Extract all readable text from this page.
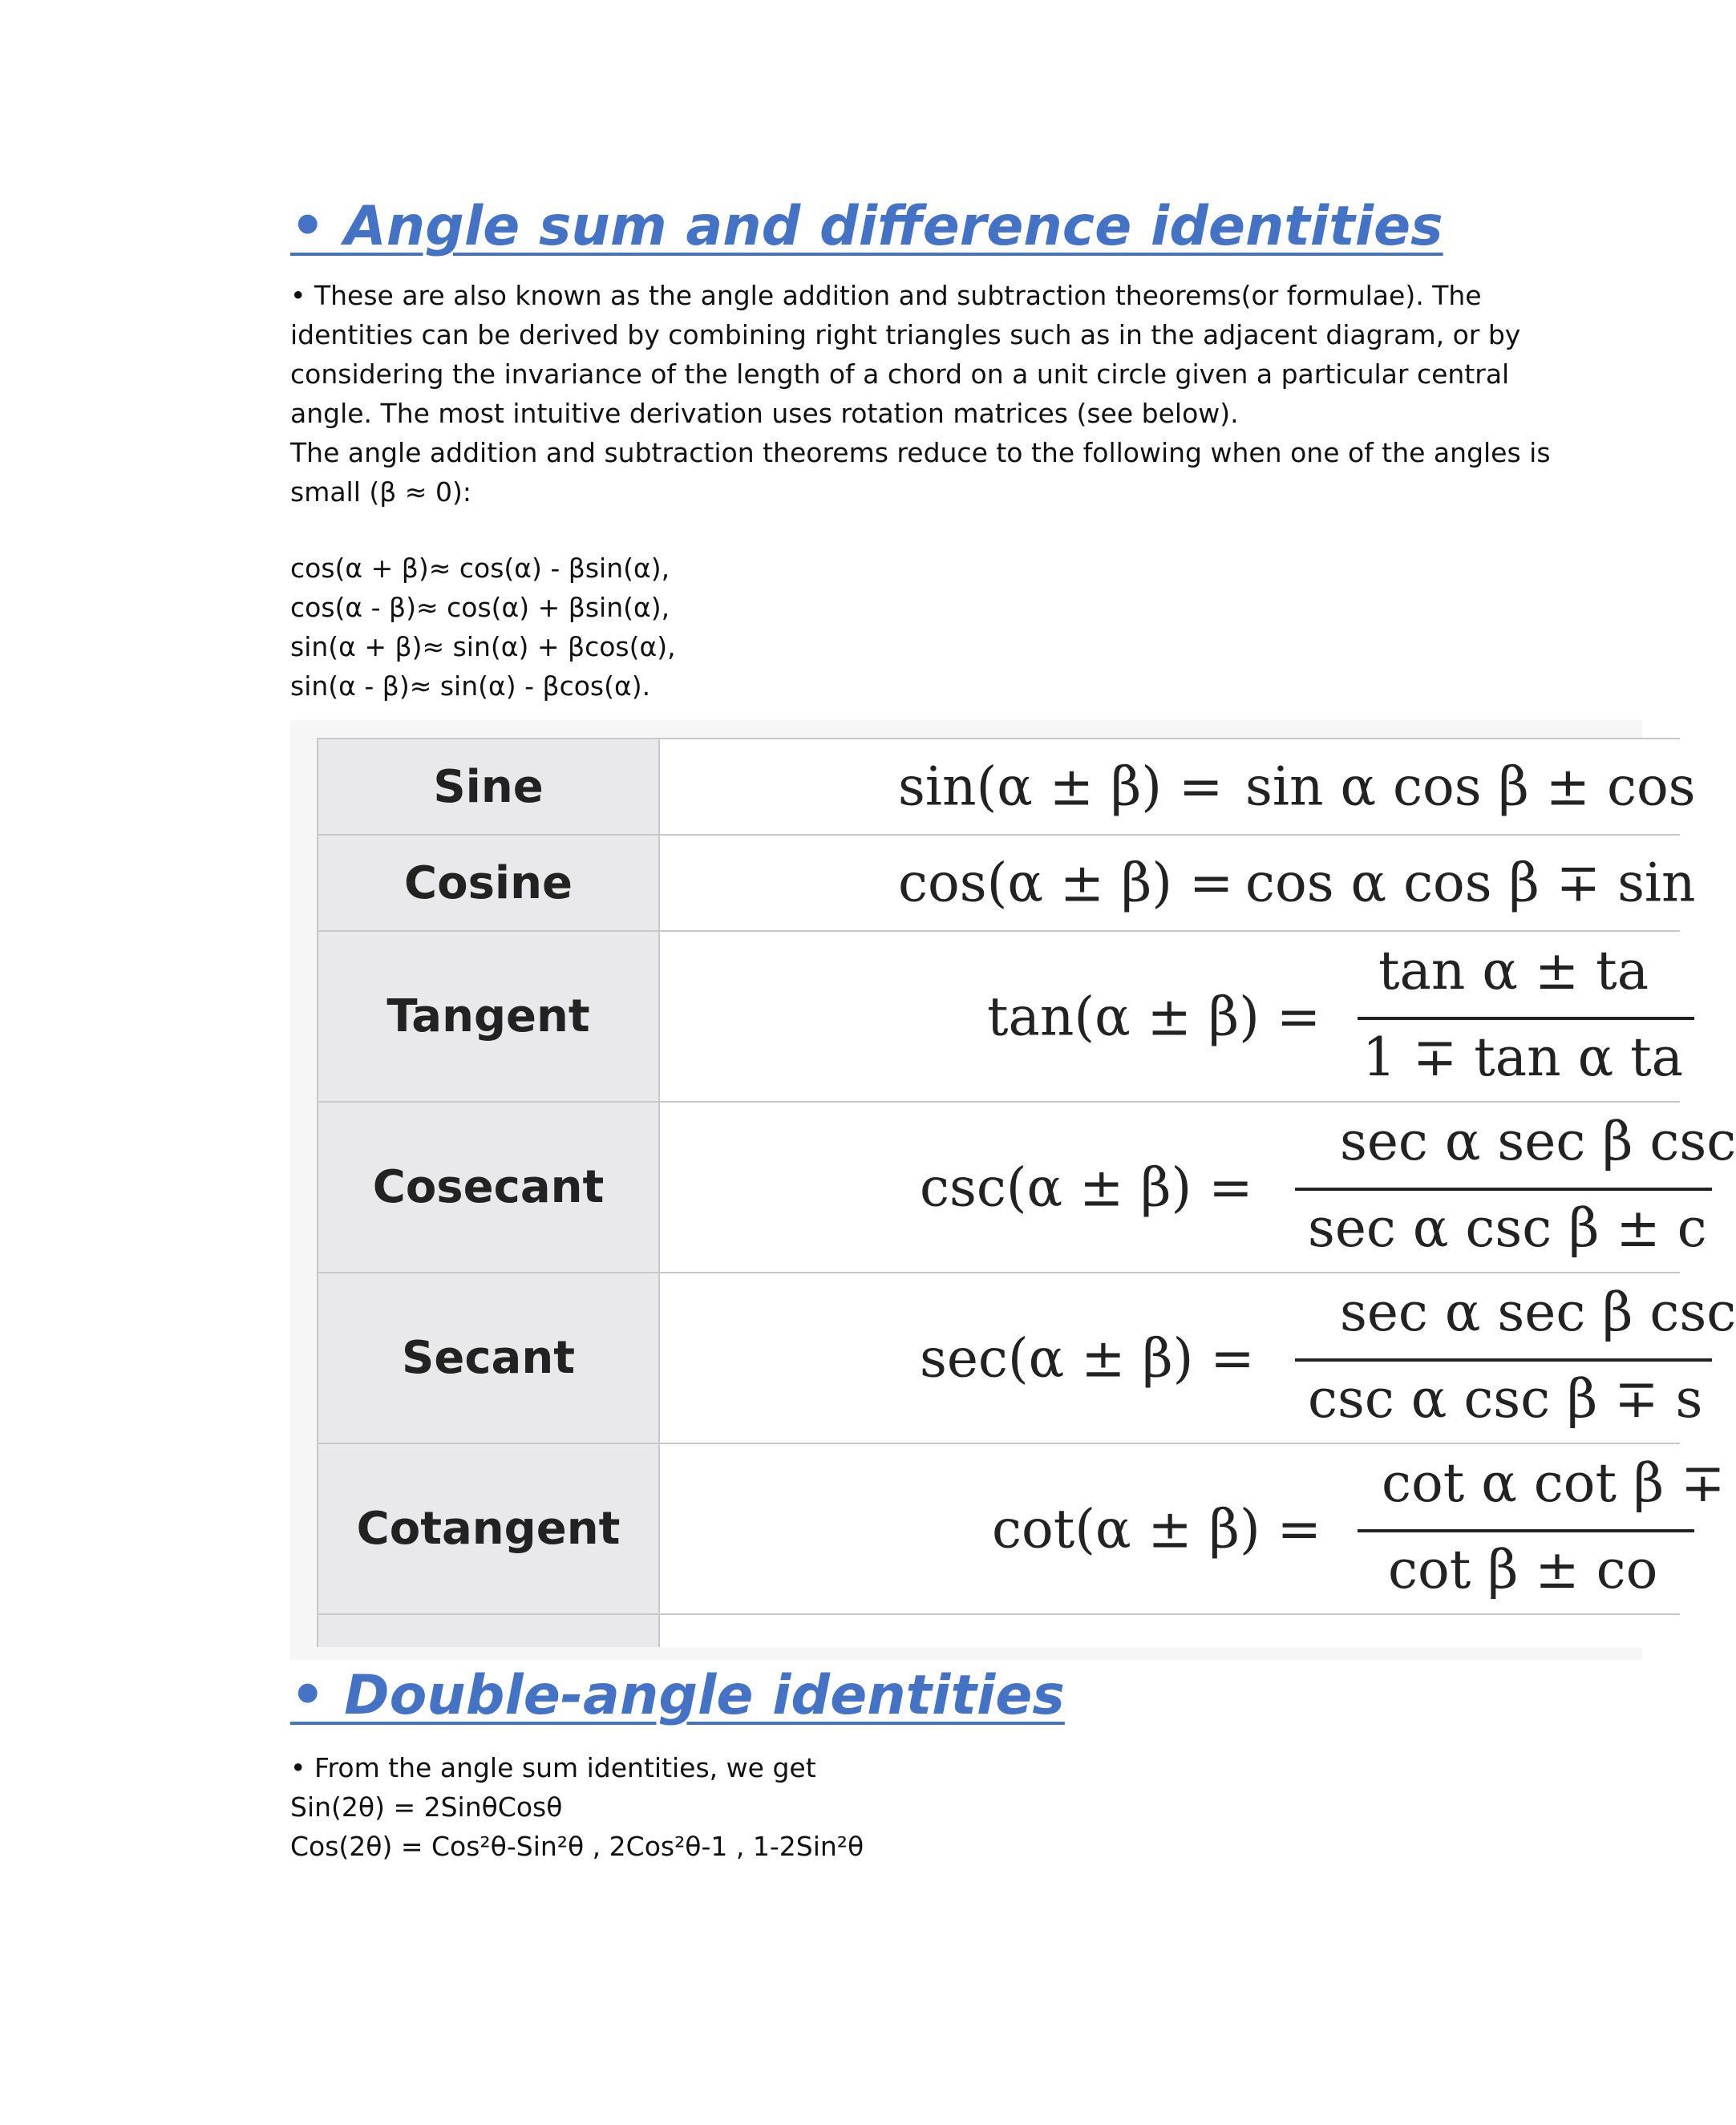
• Angle sum and difference identities

• These are also known as the angle addition and subtraction theorems(or formulae). The
identities can be derived by combining right triangles such as in the adjacent diagram, or by
considering the invariance of the length of a chord on a unit circle given a particular central
angle. The most intuitive derivation uses rotation matrices (see below).
The angle addition and subtraction theorems reduce to the following when one of the angles is
small (β ≈ 0):

cos(α + β)≈ cos(α) - βsin(α),
cos(α - β)≈ cos(α) + βsin(α),
sin(α + β)≈ sin(α) + βcos(α),
sin(α - β)≈ sin(α) - βcos(α).

Sine	sin(α ± β) = sin α cos β ± cos
Cosine	cos(α ± β) = cos α cos β ∓ sin
Tangent	tan(α ± β) =
tan α ± ta
1 ∓ tan α ta
Cosecant	csc(α ± β) =
sec α sec β csc
sec α csc β ± c
Secant	sec(α ± β) =
sec α sec β csc
csc α csc β ∓ s
Cotangent	cot(α ± β) =
cot α cot β ∓
cot β ± co
• Double-angle identities

• From the angle sum identities, we get
Sin(2θ) = 2SinθCosθ
Cos(2θ) = Cos²θ-Sin²θ , 2Cos²θ-1 , 1-2Sin²θ
